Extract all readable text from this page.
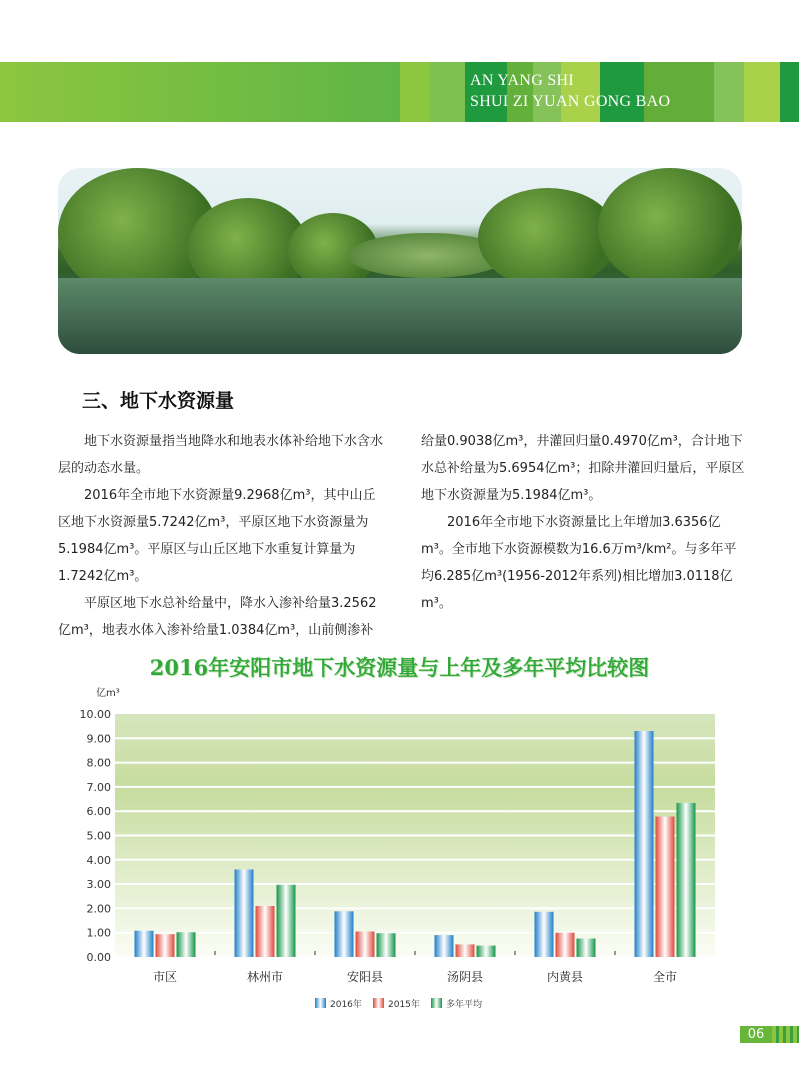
AN YANG SHI
SHUI ZI YUAN GONG BAO
三、地下水资源量

地下水资源量指当地降水和地表水体补给地下水含水层的动态水量。

2016年全市地下水资源量9.2968亿m³，其中山丘区地下水资源量5.7242亿m³，平原区地下水资源量为5.1984亿m³。平原区与山丘区地下水重复计算量为1.7242亿m³。

平原区地下水总补给量中，降水入渗补给量3.2562亿m³，地表水体入渗补给量1.0384亿m³，山前侧渗补给量0.9038亿m³，井灌回归量0.4970亿m³，合计地下水总补给量为5.6954亿m³；扣除井灌回归量后，平原区地下水资源量为5.1984亿m³。

2016年全市地下水资源量比上年增加3.6356亿m³。全市地下水资源模数为16.6万m³/km²。与多年平均6.285亿m³(1956-2012年系列)相比增加3.0118亿m³。

2016年安阳市地下水资源量与上年及多年平均比较图
0.00
1.00
2.00
3.00
4.00
5.00
6.00
7.00
8.00
9.00
10.00
市区	林州市	安阳县	汤阴县	内黄县	全市
2016年	2015年	多年平均
亿m³
06
